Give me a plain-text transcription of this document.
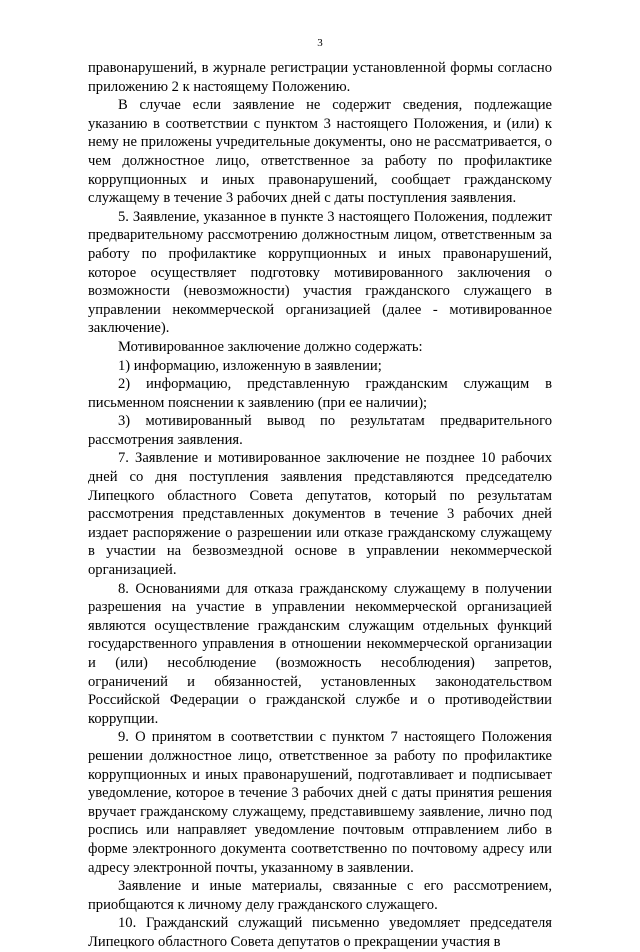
3

правонарушений, в журнале регистрации установленной формы согласно приложению 2 к настоящему Положению.

В случае если заявление не содержит сведения, подлежащие указанию в соответствии с пунктом 3 настоящего Положения, и (или) к нему не приложены учредительные документы, оно не рассматривается, о чем должностное лицо, ответственное за работу по профилактике коррупционных и иных правонарушений, сообщает гражданскому служащему в течение 3 рабочих дней с даты поступления заявления.

5. Заявление, указанное в пункте 3 настоящего Положения, подлежит предварительному рассмотрению должностным лицом, ответственным за работу по профилактике коррупционных и иных правонарушений, которое осуществляет подготовку мотивированного заключения о возможности (невозможности) участия гражданского служащего в управлении некоммерческой организацией (далее - мотивированное заключение).

Мотивированное заключение должно содержать:

1) информацию, изложенную в заявлении;

2) информацию, представленную гражданским служащим в письменном пояснении к заявлению (при ее наличии);

3) мотивированный вывод по результатам предварительного рассмотрения заявления.

7. Заявление и мотивированное заключение не позднее 10 рабочих дней со дня поступления заявления представляются председателю Липецкого областного Совета депутатов, который по результатам рассмотрения представленных документов в течение 3 рабочих дней издает распоряжение о разрешении или отказе гражданскому служащему в участии на безвозмездной основе в управлении некоммерческой организацией.

8. Основаниями для отказа гражданскому служащему в получении разрешения на участие в управлении некоммерческой организацией являются осуществление гражданским служащим отдельных функций государственного управления в отношении некоммерческой организации и (или) несоблюдение (возможность несоблюдения) запретов, ограничений и обязанностей, установленных законодательством Российской Федерации о гражданской службе и о противодействии коррупции.

9. О принятом в соответствии с пунктом 7 настоящего Положения решении должностное лицо, ответственное за работу по профилактике коррупционных и иных правонарушений, подготавливает и подписывает уведомление, которое в течение 3 рабочих дней с даты принятия решения вручает гражданскому служащему, представившему заявление, лично под роспись или направляет уведомление почтовым отправлением либо в форме электронного документа соответственно по почтовому адресу или адресу электронной почты, указанному в заявлении.

Заявление и иные материалы, связанные с его рассмотрением, приобщаются к личному делу гражданского служащего.

10. Гражданский служащий письменно уведомляет председателя Липецкого областного Совета депутатов о прекращении участия в
